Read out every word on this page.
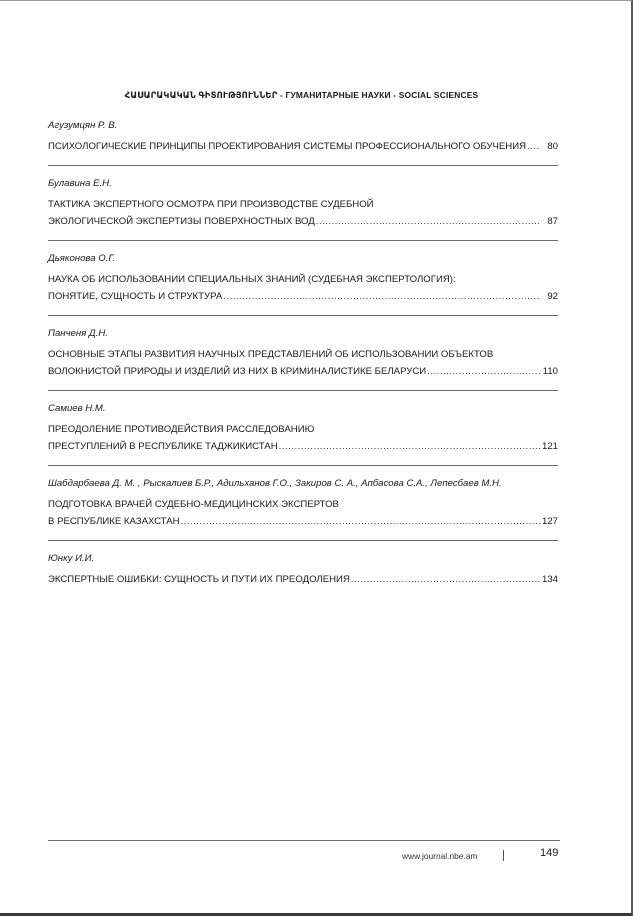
ՀԱՍԱՐԱԿԱԿԱՆ ԳԻՏՈՒԹՅՈՒՆՆԵՐ - ГУМАНИТАРНЫЕ НАУКИ - SOCIAL SCIENCES
Агузумцян Р. В.
ПСИХОЛОГИЧЕСКИЕ ПРИНЦИПЫ ПРОЕКТИРОВАНИЯ СИСТЕМЫ ПРОФЕССИОНАЛЬНОГО ОБУЧЕНИЯ .....	80
Булавина Е.Н.
ТАКТИКА ЭКСПЕРТНОГО ОСМОТРА ПРИ ПРОИЗВОДСТВЕ СУДЕБНОЙ
ЭКОЛОГИЧЕСКОЙ ЭКСПЕРТИЗЫ ПОВЕРХНОСТНЫХ ВОД .....	87
Дьяконова О.Г.
НАУКА ОБ ИСПОЛЬЗОВАНИИ СПЕЦИАЛЬНЫХ ЗНАНИЙ (СУДЕБНАЯ ЭКСПЕРТОЛОГИЯ):
ПОНЯТИЕ, СУЩНОСТЬ И СТРУКТУРА .....	92
Панченя Д.Н.
ОСНОВНЫЕ ЭТАПЫ РАЗВИТИЯ НАУЧНЫХ ПРЕДСТАВЛЕНИЙ ОБ ИСПОЛЬЗОВАНИИ ОБЪЕКТОВ
ВОЛОКНИСТОЙ ПРИРОДЫ И ИЗДЕЛИЙ ИЗ НИХ В КРИМИНАЛИСТИКЕ БЕЛАРУСИ .....	110
Самиев Н.М.
ПРЕОДОЛЕНИЕ ПРОТИВОДЕЙСТВИЯ РАССЛЕДОВАНИЮ
ПРЕСТУПЛЕНИЙ В РЕСПУБЛИКЕ ТАДЖИКИСТАН .....	121
Шабдарбаева Д. М. , Рыскалиев Б.Р., Адильханов Г.О., Закиров С. А., Апбасова С.А., Лепесбаев М.Н.
ПОДГОТОВКА ВРАЧЕЙ СУДЕБНО-МЕДИЦИНСКИХ ЭКСПЕРТОВ
В РЕСПУБЛИКЕ КАЗАХСТАН .....	127
Юнку И.И.
ЭКСПЕРТНЫЕ ОШИБКИ: СУЩНОСТЬ И ПУТИ ИХ ПРЕОДОЛЕНИЯ .....	134
www.journal.nbe.am	149
